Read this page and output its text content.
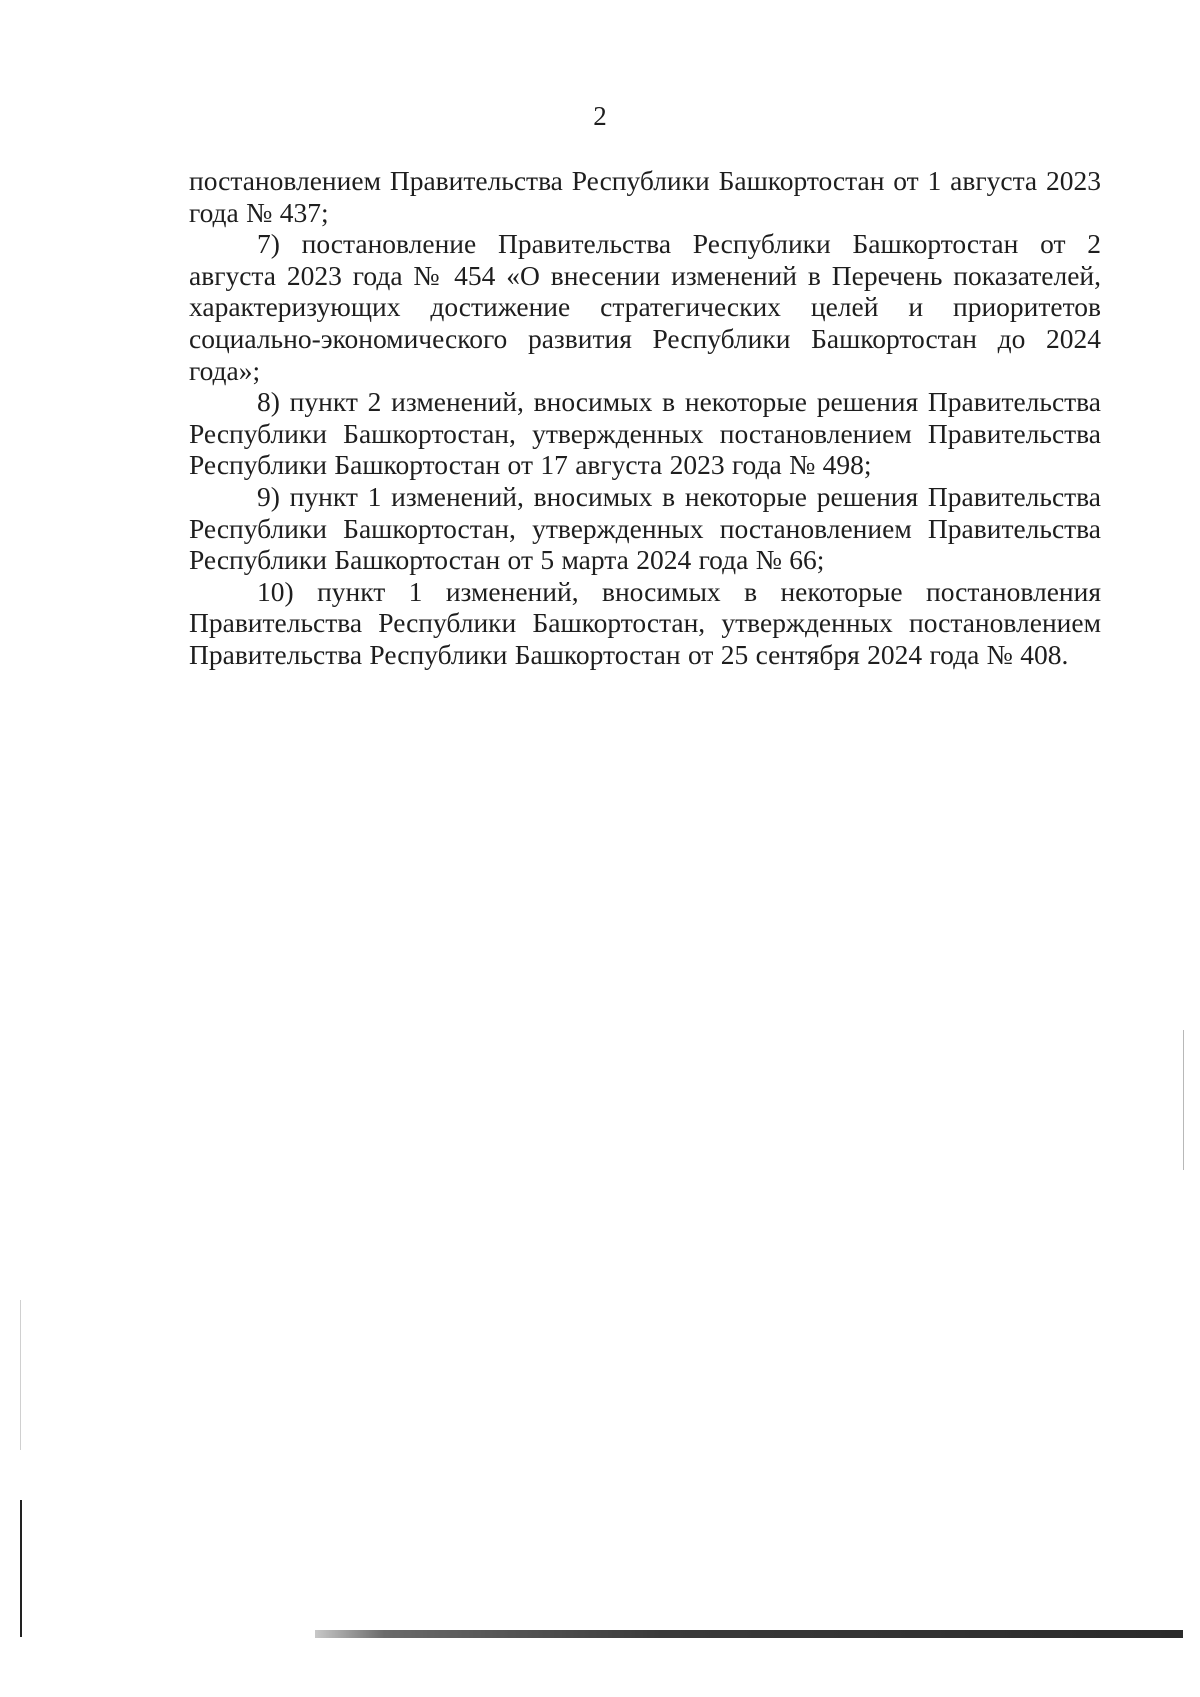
2

постановлением Правительства Республики Башкортостан от 1 августа 2023 года № 437;

7) постановление Правительства Республики Башкортостан от 2 августа 2023 года № 454 «О внесении изменений в Перечень показателей, характеризующих достижение стратегических целей и приоритетов социально-экономического развития Республики Башкортостан до 2024 года»;

8) пункт 2 изменений, вносимых в некоторые решения Правительства Республики Башкортостан, утвержденных постановлением Правительства Республики Башкортостан от 17 августа 2023 года № 498;

9) пункт 1 изменений, вносимых в некоторые решения Правительства Республики Башкортостан, утвержденных постановлением Правительства Республики Башкортостан от 5 марта 2024 года № 66;

10) пункт 1 изменений, вносимых в некоторые постановления Правительства Республики Башкортостан, утвержденных постановлением Правительства Республики Башкортостан от 25 сентября 2024 года № 408.
